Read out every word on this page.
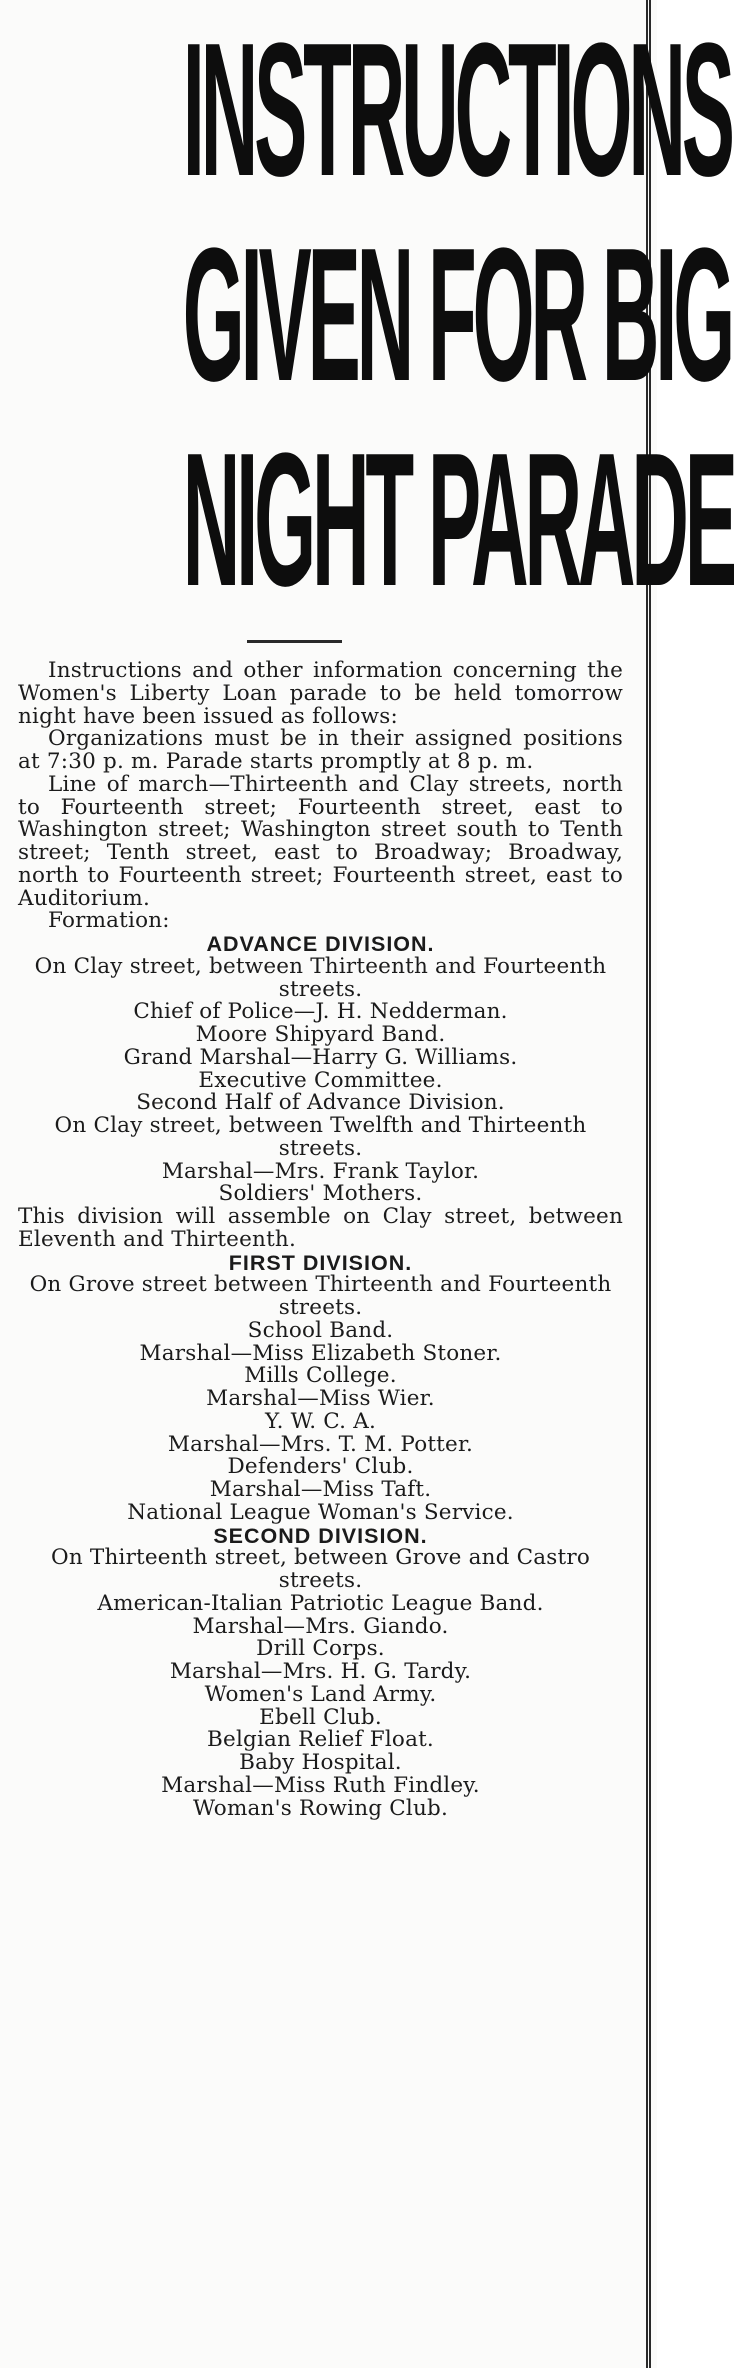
INSTRUCTIONS
GIVEN FOR BIG
NIGHT PARADE

Instructions and other information concerning the Women's Liberty Loan parade to be held tomorrow night have been issued as follows:

Organizations must be in their assigned positions at 7:30 p. m. Parade starts promptly at 8 p. m.

Line of march—Thirteenth and Clay streets, north to Fourteenth street; Fourteenth street, east to Washington street; Washington street south to Tenth street; Tenth street, east to Broadway; Broadway, north to Fourteenth street; Fourteenth street, east to Auditorium.

Formation:

ADVANCE DIVISION.

On Clay street, between Thirteenth and Fourteenth streets.

Chief of Police—J. H. Nedderman.

Moore Shipyard Band.

Grand Marshal—Harry G. Williams.

Executive Committee.

Second Half of Advance Division.

On Clay street, between Twelfth and Thirteenth streets.

Marshal—Mrs. Frank Taylor.

Soldiers' Mothers.

This division will assemble on Clay street, between Eleventh and Thirteenth.

FIRST DIVISION.

On Grove street between Thirteenth and Fourteenth streets.

School Band.

Marshal—Miss Elizabeth Stoner.

Mills College.

Marshal—Miss Wier.

Y. W. C. A.

Marshal—Mrs. T. M. Potter.

Defenders' Club.

Marshal—Miss Taft.

National League Woman's Service.

SECOND DIVISION.

On Thirteenth street, between Grove and Castro streets.

American-Italian Patriotic League Band.

Marshal—Mrs. Giando.

Drill Corps.

Marshal—Mrs. H. G. Tardy.

Women's Land Army.

Ebell Club.

Belgian Relief Float.

Baby Hospital.

Marshal—Miss Ruth Findley.

Woman's Rowing Club.
